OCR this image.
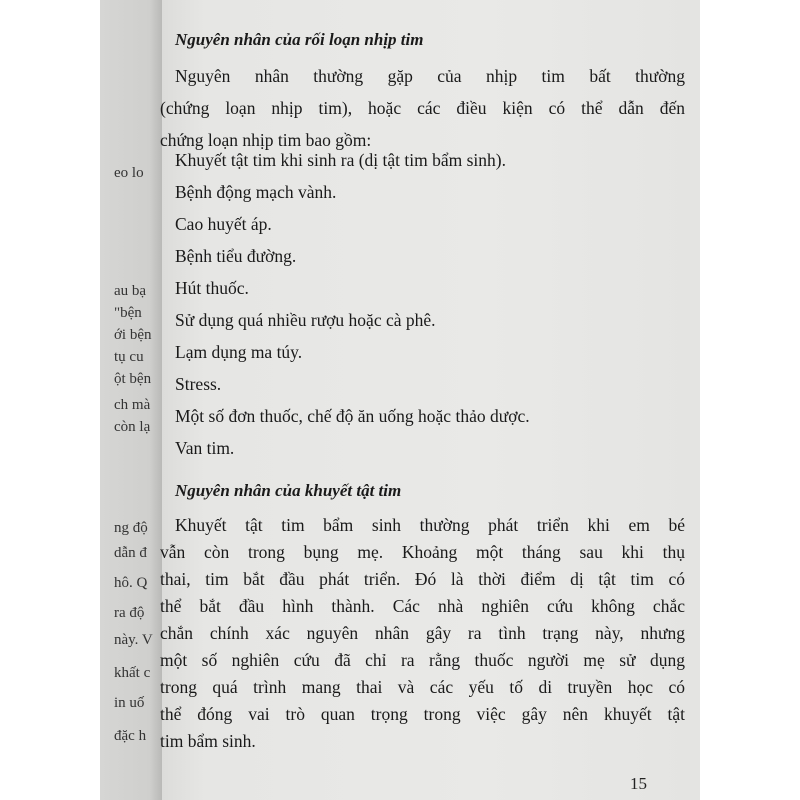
eo lo
au bạ
"bện
ới bện
tụ cu
ột bện
ch mà
còn lạ
ng độ
dẫn đ
hô. Q
ra độ
này. V
khất c
in uố
đặc h
Nguyên nhân của rối loạn nhịp tim
Nguyên nhân thường gặp của nhịp tim bất thường
(chứng loạn nhịp tim), hoặc các điều kiện có thể dẫn đến
chứng loạn nhịp tim bao gồm:
Khuyết tật tim khi sinh ra (dị tật tim bẩm sinh).
Bệnh động mạch vành.
Cao huyết áp.
Bệnh tiểu đường.
Hút thuốc.
Sử dụng quá nhiều rượu hoặc cà phê.
Lạm dụng ma túy.
Stress.
Một số đơn thuốc, chế độ ăn uống hoặc thảo dược.
Van tim.
Nguyên nhân của khuyết tật tim
Khuyết tật tim bẩm sinh thường phát triển khi em bé
vẫn còn trong bụng mẹ. Khoảng một tháng sau khi thụ
thai, tim bắt đầu phát triển. Đó là thời điểm dị tật tim có
thể bắt đầu hình thành. Các nhà nghiên cứu không chắc
chắn chính xác nguyên nhân gây ra tình trạng này, nhưng
một số nghiên cứu đã chỉ ra rằng thuốc người mẹ sử dụng
trong quá trình mang thai và các yếu tố di truyền học có
thể đóng vai trò quan trọng trong việc gây nên khuyết tật
tim bẩm sinh.
15
